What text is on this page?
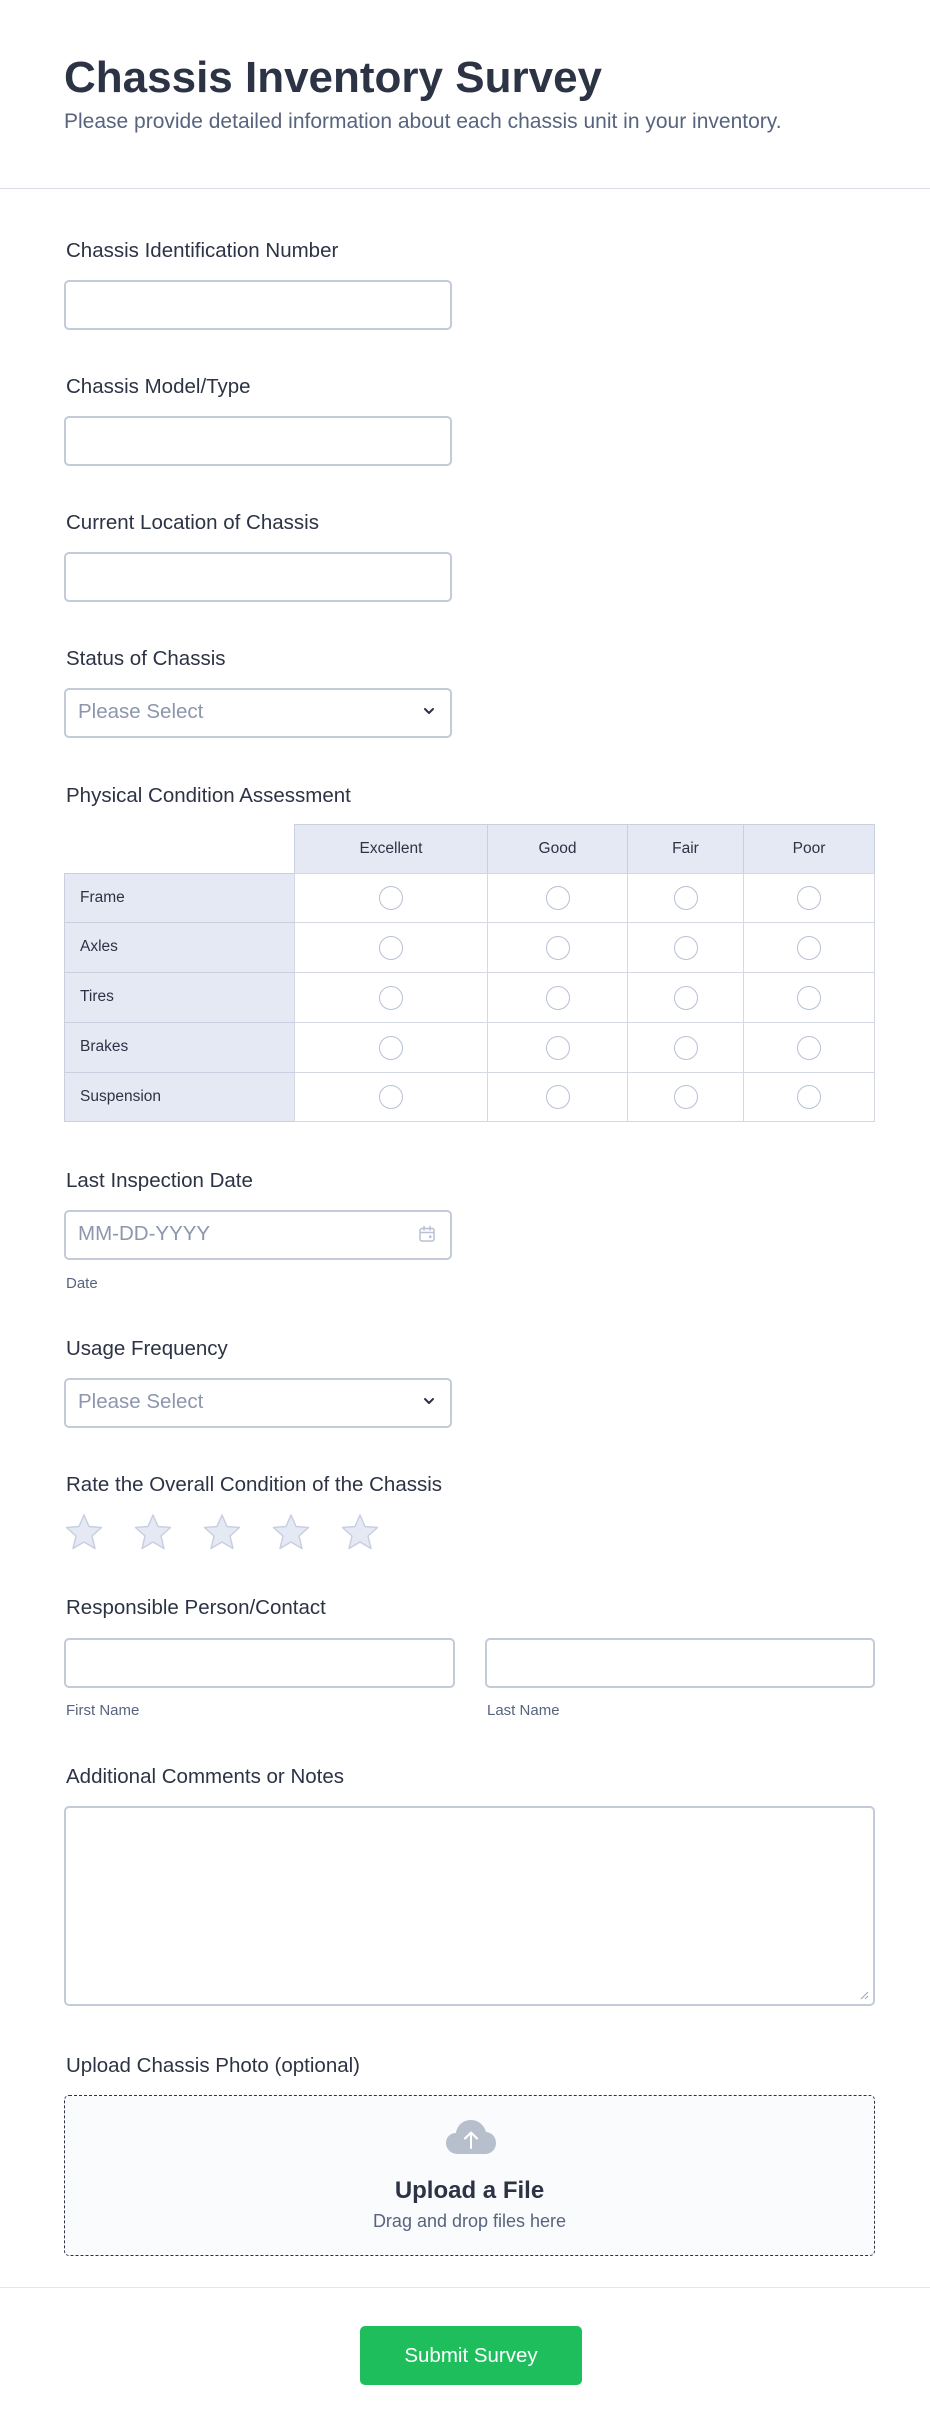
Chassis Inventory Survey
Please provide detailed information about each chassis unit in your inventory.
Chassis Identification Number
Chassis Model/Type
Current Location of Chassis
Status of Chassis
Please Select
Physical Condition Assessment
Excellent	Good	Fair	Poor
Frame
Axles
Tires
Brakes
Suspension
Last Inspection Date
MM-DD-YYYY
Date
Usage Frequency
Please Select
Rate the Overall Condition of the Chassis
Responsible Person/Contact
First Name	Last Name
Additional Comments or Notes
Upload Chassis Photo (optional)
Upload a File
Drag and drop files here
Submit Survey
